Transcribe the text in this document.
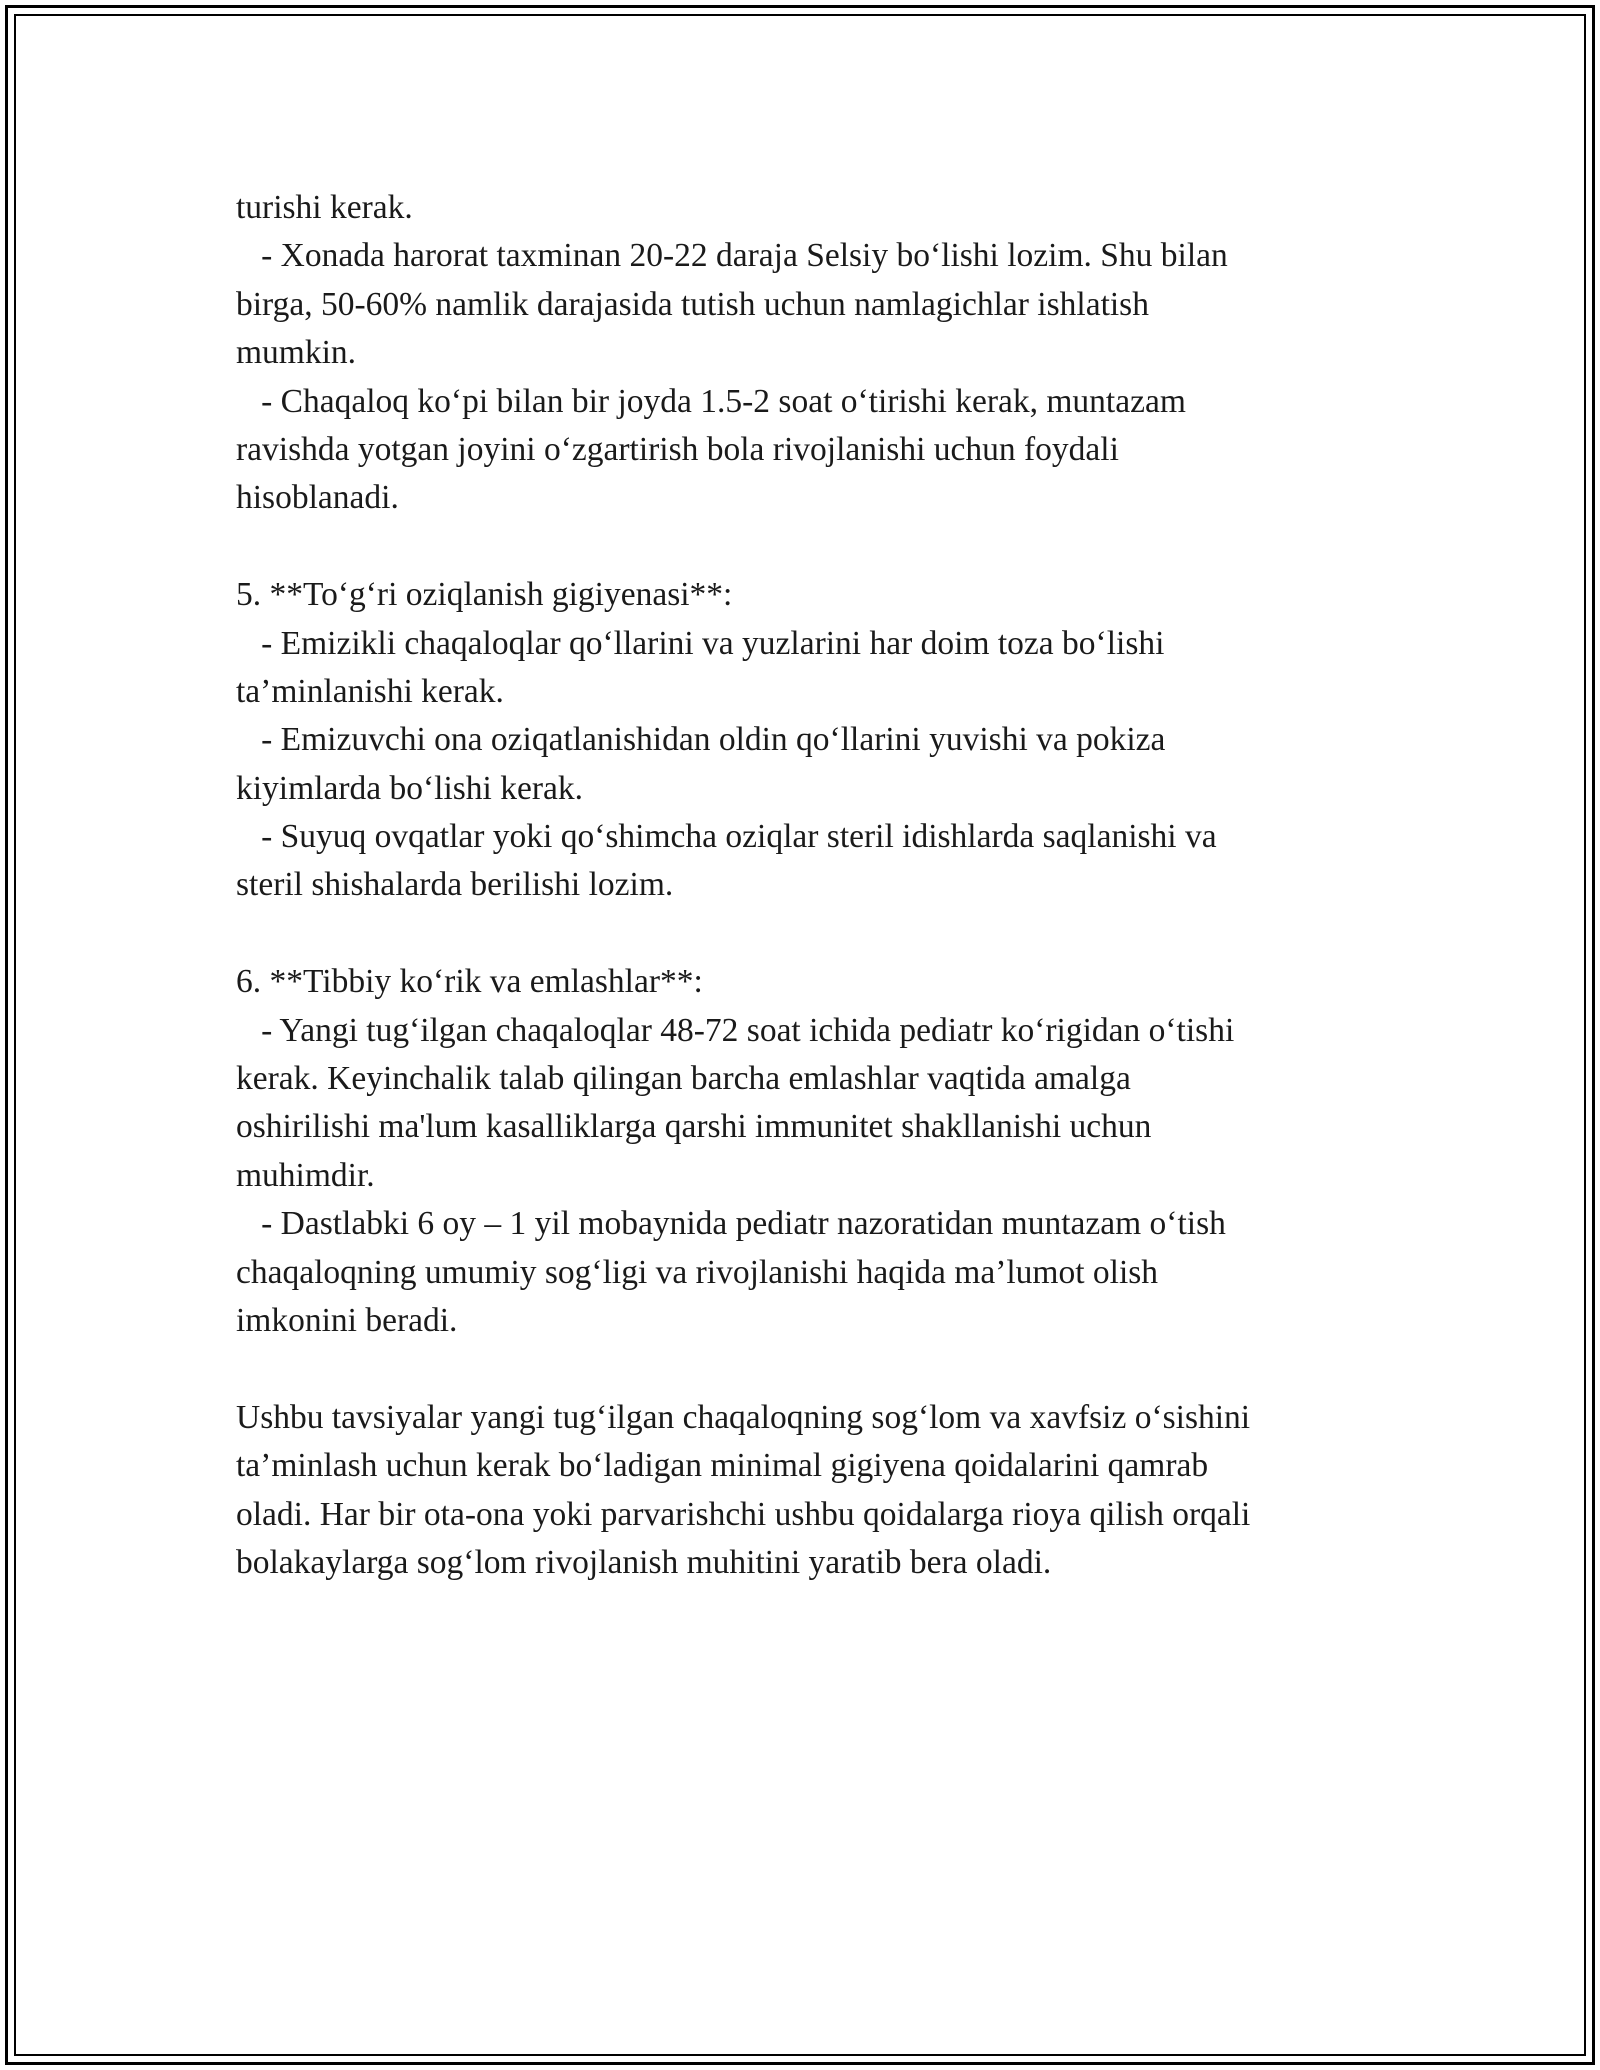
turishi kerak.
- Xonada harorat taxminan 20-22 daraja Selsiy bo‘lishi lozim. Shu bilan
birga, 50-60% namlik darajasida tutish uchun namlagichlar ishlatish
mumkin.
- Chaqaloq ko‘pi bilan bir joyda 1.5-2 soat o‘tirishi kerak, muntazam
ravishda yotgan joyini o‘zgartirish bola rivojlanishi uchun foydali
hisoblanadi.
5. **To‘g‘ri oziqlanish gigiyenasi**:
- Emizikli chaqaloqlar qo‘llarini va yuzlarini har doim toza bo‘lishi
ta’minlanishi kerak.
- Emizuvchi ona oziqatlanishidan oldin qo‘llarini yuvishi va pokiza
kiyimlarda bo‘lishi kerak.
- Suyuq ovqatlar yoki qo‘shimcha oziqlar steril idishlarda saqlanishi va
steril shishalarda berilishi lozim.
6. **Tibbiy ko‘rik va emlashlar**:
- Yangi tug‘ilgan chaqaloqlar 48-72 soat ichida pediatr ko‘rigidan o‘tishi
kerak. Keyinchalik talab qilingan barcha emlashlar vaqtida amalga
oshirilishi ma'lum kasalliklarga qarshi immunitet shakllanishi uchun
muhimdir.
- Dastlabki 6 oy – 1 yil mobaynida pediatr nazoratidan muntazam o‘tish
chaqaloqning umumiy sog‘ligi va rivojlanishi haqida ma’lumot olish
imkonini beradi.
Ushbu tavsiyalar yangi tug‘ilgan chaqaloqning sog‘lom va xavfsiz o‘sishini
ta’minlash uchun kerak bo‘ladigan minimal gigiyena qoidalarini qamrab
oladi. Har bir ota-ona yoki parvarishchi ushbu qoidalarga rioya qilish orqali
bolakaylarga sog‘lom rivojlanish muhitini yaratib bera oladi.
